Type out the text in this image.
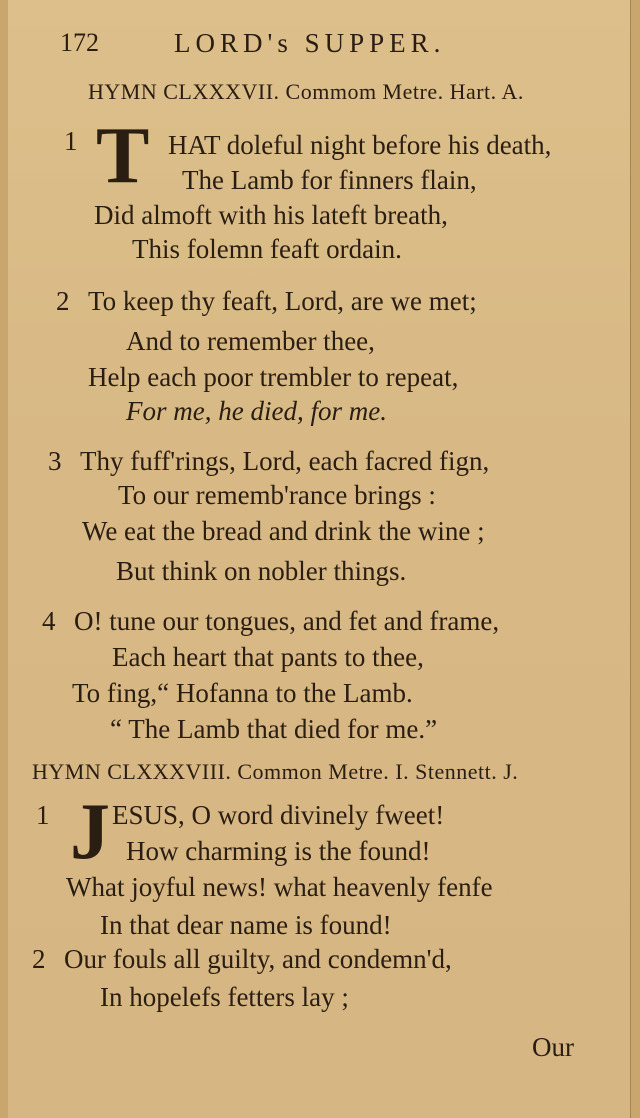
172	LORD's SUPPER.
HYMN CLXXXVII. Commom Metre. Hart. A.
T
1	HAT doleful night before his death,
The Lamb for finners flain,
Did almoft with his lateft breath,
This folemn feaft ordain.
2 To keep thy feaft, Lord, are we met;
And to remember thee,
Help each poor trembler to repeat,
For me, he died, for me.
3 Thy fuff'rings, Lord, each facred fign,
To our rememb'rance brings :
We eat the bread and drink the wine ;
But think on nobler things.
4 O! tune our tongues, and fet and frame,
Each heart that pants to thee,
To fing,“ Hofanna to the Lamb.
“ The Lamb that died for me.”
HYMN CLXXXVIII. Common Metre. I. Stennett. J.
J
1 ESUS, O word divinely fweet!
How charming is the found!
What joyful news! what heavenly fenfe
In that dear name is found!
2 Our fouls all guilty, and condemn'd,
In hopelefs fetters lay ;
Our
